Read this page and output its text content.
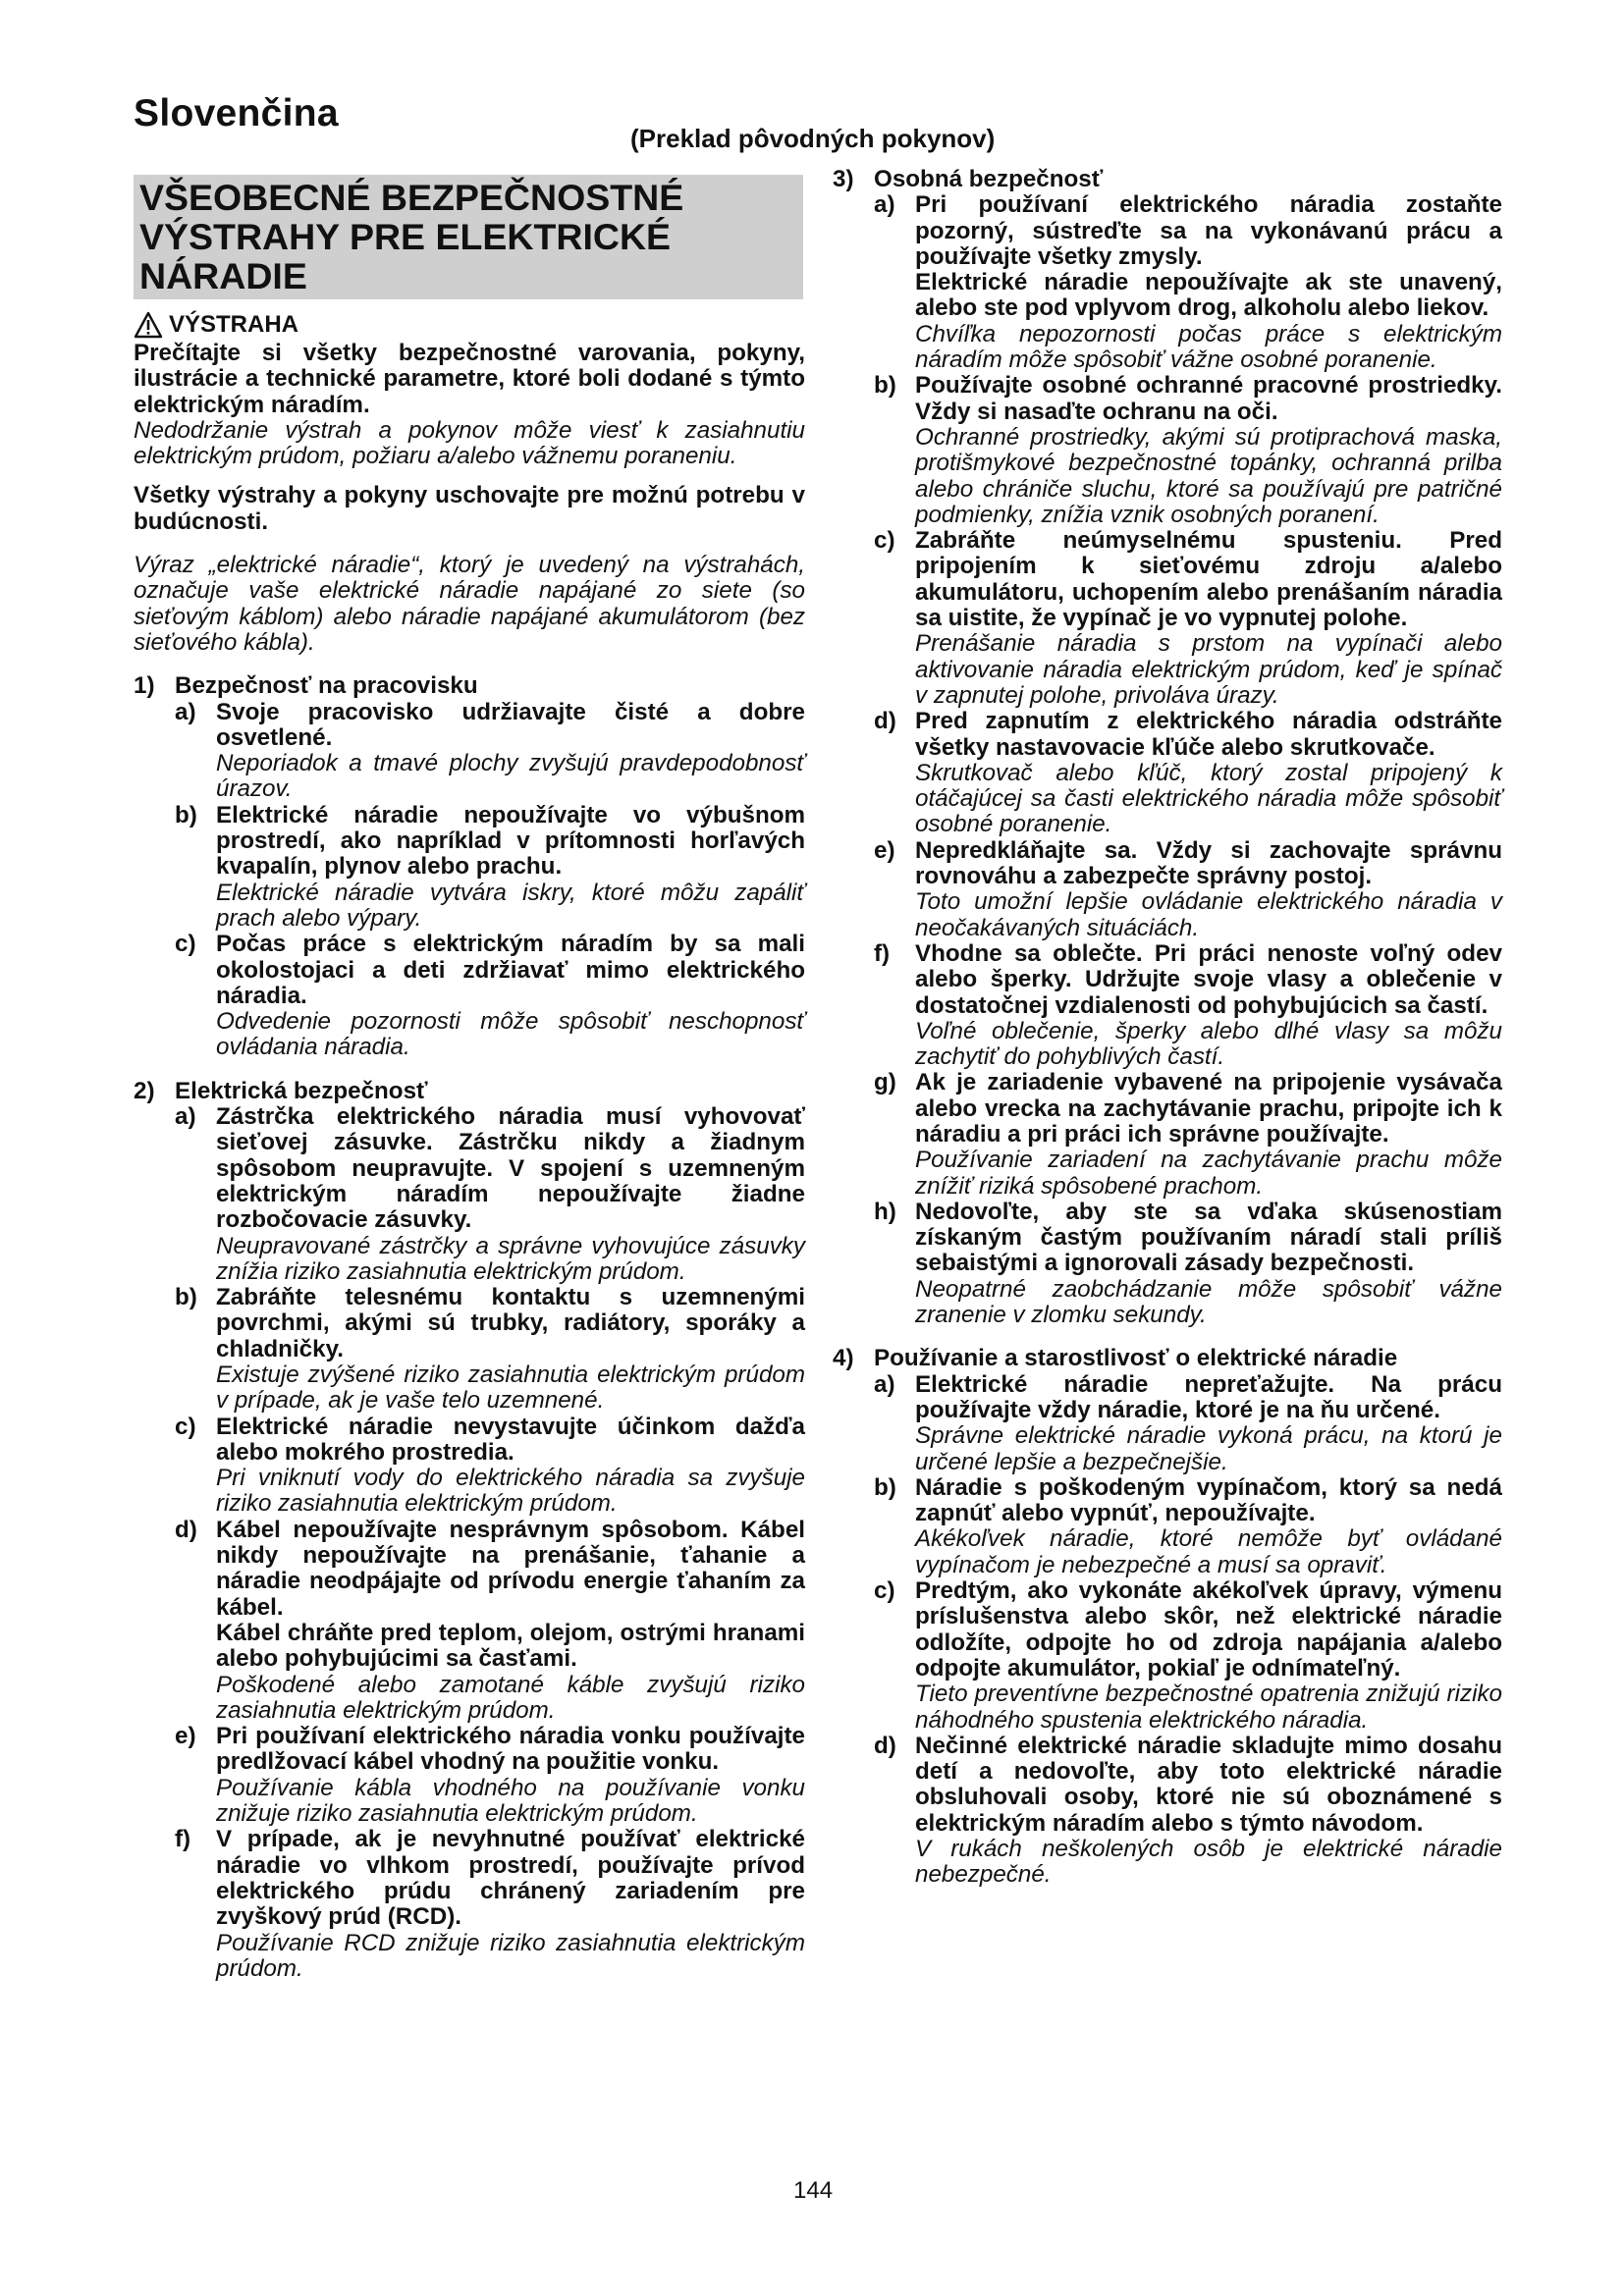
Slovenčina
(Preklad pôvodných pokynov)
VŠEOBECNÉ BEZPEČNOSTNÉ VÝSTRAHY PRE ELEKTRICKÉ NÁRADIE
VÝSTRAHA

Prečítajte si všetky bezpečnostné varovania, pokyny, ilustrácie a technické parametre, ktoré boli dodané s týmto elektrickým náradím.

Nedodržanie výstrah a pokynov môže viesť k zasiahnutiu elektrickým prúdom, požiaru a/alebo vážnemu poraneniu.

Všetky výstrahy a pokyny uschovajte pre možnú potrebu v budúcnosti.

Výraz „elektrické náradie“, ktorý je uvedený na výstrahách, označuje vaše elektrické náradie napájané zo siete (so sieťovým káblom) alebo náradie napájané akumulátorom (bez sieťového kábla).

1) Bezpečnosť na pracovisku
a) Svoje pracovisko udržiavajte čisté a dobre osvetlené.

Neporiadok a tmavé plochy zvyšujú pravdepodobnosť úrazov.

b) Elektrické náradie nepoužívajte vo výbušnom prostredí, ako napríklad v prítomnosti horľavých kvapalín, plynov alebo prachu.

Elektrické náradie vytvára iskry, ktoré môžu zapáliť prach alebo výpary.

c) Počas práce s elektrickým náradím by sa mali okolostojaci a deti zdržiavať mimo elektrického náradia.

Odvedenie pozornosti môže spôsobiť neschopnosť ovládania náradia.

2) Elektrická bezpečnosť
a) Zástrčka elektrického náradia musí vyhovovať sieťovej zásuvke. Zástrčku nikdy a žiadnym spôsobom neupravujte. V spojení s uzemneným elektrickým náradím nepoužívajte žiadne rozbočovacie zásuvky.

Neupravované zástrčky a správne vyhovujúce zásuvky znížia riziko zasiahnutia elektrickým prúdom.

b) Zabráňte telesnému kontaktu s uzemnenými povrchmi, akými sú trubky, radiátory, sporáky a chladničky.

Existuje zvýšené riziko zasiahnutia elektrickým prúdom v prípade, ak je vaše telo uzemnené.

c) Elektrické náradie nevystavujte účinkom dažďa alebo mokrého prostredia.

Pri vniknutí vody do elektrického náradia sa zvyšuje riziko zasiahnutia elektrickým prúdom.

d) Kábel nepoužívajte nesprávnym spôsobom. Kábel nikdy nepoužívajte na prenášanie, ťahanie a náradie neodpájajte od prívodu energie ťahaním za kábel.

Kábel chráňte pred teplom, olejom, ostrými hranami alebo pohybujúcimi sa časťami.

Poškodené alebo zamotané káble zvyšujú riziko zasiahnutia elektrickým prúdom.

e) Pri používaní elektrického náradia vonku používajte predlžovací kábel vhodný na použitie vonku.

Používanie kábla vhodného na používanie vonku znižuje riziko zasiahnutia elektrickým prúdom.

f)	V prípade, ak je nevyhnutné používať elektrické náradie vo vlhkom prostredí, používajte prívod elektrického prúdu chránený zariadením pre zvyškový prúd (RCD).

Používanie RCD znižuje riziko zasiahnutia elektrickým prúdom.

3) Osobná bezpečnosť
a) Pri používaní elektrického náradia zostaňte pozorný, sústreďte sa na vykonávanú prácu a používajte všetky zmysly.

Elektrické náradie nepoužívajte ak ste unavený, alebo ste pod vplyvom drog, alkoholu alebo liekov.

Chvíľka nepozornosti počas práce s elektrickým náradím môže spôsobiť vážne osobné poranenie.

b) Používajte osobné ochranné pracovné prostriedky. Vždy si nasaďte ochranu na oči.

Ochranné prostriedky, akými sú protiprachová maska, protišmykové bezpečnostné topánky, ochranná prilba alebo chrániče sluchu, ktoré sa používajú pre patričné podmienky, znížia vznik osobných poranení.

c) Zabráňte neúmyselnému spusteniu. Pred pripojením k sieťovému zdroju a/alebo akumulátoru, uchopením alebo prenášaním náradia sa uistite, že vypínač je vo vypnutej polohe.

Prenášanie náradia s prstom na vypínači alebo aktivovanie náradia elektrickým prúdom, keď je spínač v zapnutej polohe, privoláva úrazy.

d) Pred zapnutím z elektrického náradia odstráňte všetky nastavovacie kľúče alebo skrutkovače.

Skrutkovač alebo kľúč, ktorý zostal pripojený k otáčajúcej sa časti elektrického náradia môže spôsobiť osobné poranenie.

e) Nepredkláňajte sa. Vždy si zachovajte správnu rovnováhu a zabezpečte správny postoj.

Toto umožní lepšie ovládanie elektrického náradia v neočakávaných situáciách.

f)	Vhodne sa oblečte. Pri práci nenoste voľný odev alebo šperky. Udržujte svoje vlasy a oblečenie v dostatočnej vzdialenosti od pohybujúcich sa častí.

Voľné oblečenie, šperky alebo dlhé vlasy sa môžu zachytiť do pohyblivých častí.

g) Ak je zariadenie vybavené na pripojenie vysávača alebo vrecka na zachytávanie prachu, pripojte ich k náradiu a pri práci ich správne používajte.

Používanie zariadení na zachytávanie prachu môže znížiť riziká spôsobené prachom.

h) Nedovoľte, aby ste sa vďaka skúsenostiam získaným častým používaním náradí stali príliš sebaistými a ignorovali zásady bezpečnosti.

Neopatrné zaobchádzanie môže spôsobiť vážne zranenie v zlomku sekundy.

4) Používanie a starostlivosť o elektrické náradie
a) Elektrické náradie nepreťažujte. Na prácu používajte vždy náradie, ktoré je na ňu určené.

Správne elektrické náradie vykoná prácu, na ktorú je určené lepšie a bezpečnejšie.

b) Náradie s poškodeným vypínačom, ktorý sa nedá zapnúť alebo vypnúť, nepoužívajte.

Akékoľvek náradie, ktoré nemôže byť ovládané vypínačom je nebezpečné a musí sa opraviť.

c) Predtým, ako vykonáte akékoľvek úpravy, výmenu príslušenstva alebo skôr, než elektrické náradie odložíte, odpojte ho od zdroja napájania a/alebo odpojte akumulátor, pokiaľ je odnímateľný.

Tieto preventívne bezpečnostné opatrenia znižujú riziko náhodného spustenia elektrického náradia.

d) Nečinné elektrické náradie skladujte mimo dosahu detí a nedovoľte, aby toto elektrické náradie obsluhovali osoby, ktoré nie sú oboznámené s elektrickým náradím alebo s týmto návodom.

V rukách neškolených osôb je elektrické náradie nebezpečné.

144
